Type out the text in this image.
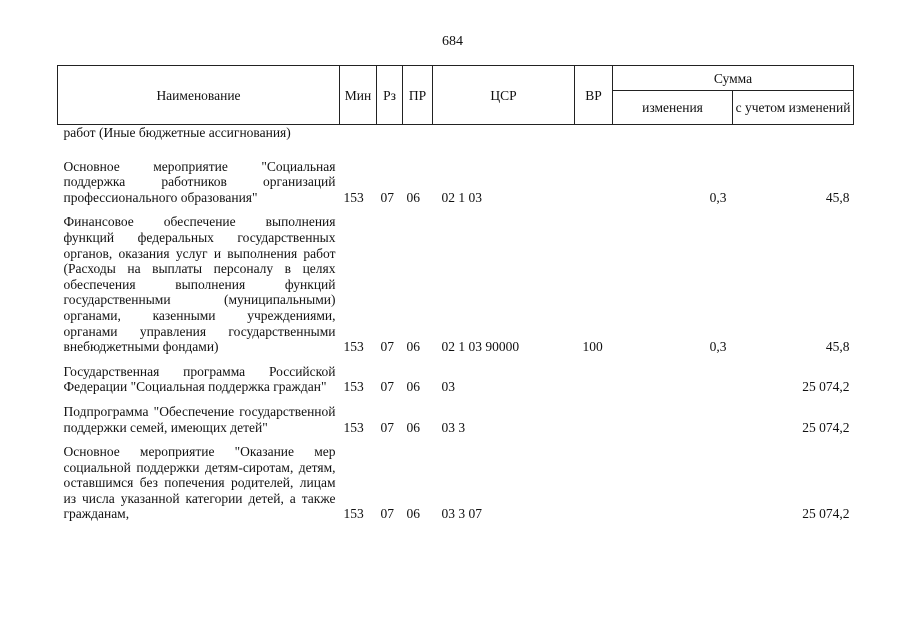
684
Наименование	Мин	Рз	ПР	ЦСР	ВР	Сумма	
						изменения	с учетом изменений
работ (Иные бюджетные ассигнования)							

Основное мероприятие "Социальная поддержка работников организаций профессионального образования"	153	07	06	02 1 03		0,3	45,8

Финансовое обеспечение выполнения функций федеральных государственных органов, оказания услуг и выполнения работ (Расходы на выплаты персоналу в целях обеспечения выполнения функций государственными (муниципальными) органами, казенными учреждениями, органами управления государственными внебюджетными фондами)	153	07	06	02 1 03 90000	100	0,3	45,8

Государственная программа Российской Федерации "Социальная поддержка граждан"	153	07	06	03			25 074,2

Подпрограмма "Обеспечение государственной поддержки семей, имеющих детей"	153	07	06	03 3			25 074,2

Основное мероприятие "Оказание мер социальной поддержки детям-сиротам, детям, оставшимся без попечения родителей, лицам из числа указанной категории детей, а также гражданам,	153	07	06	03 3 07			25 074,2
